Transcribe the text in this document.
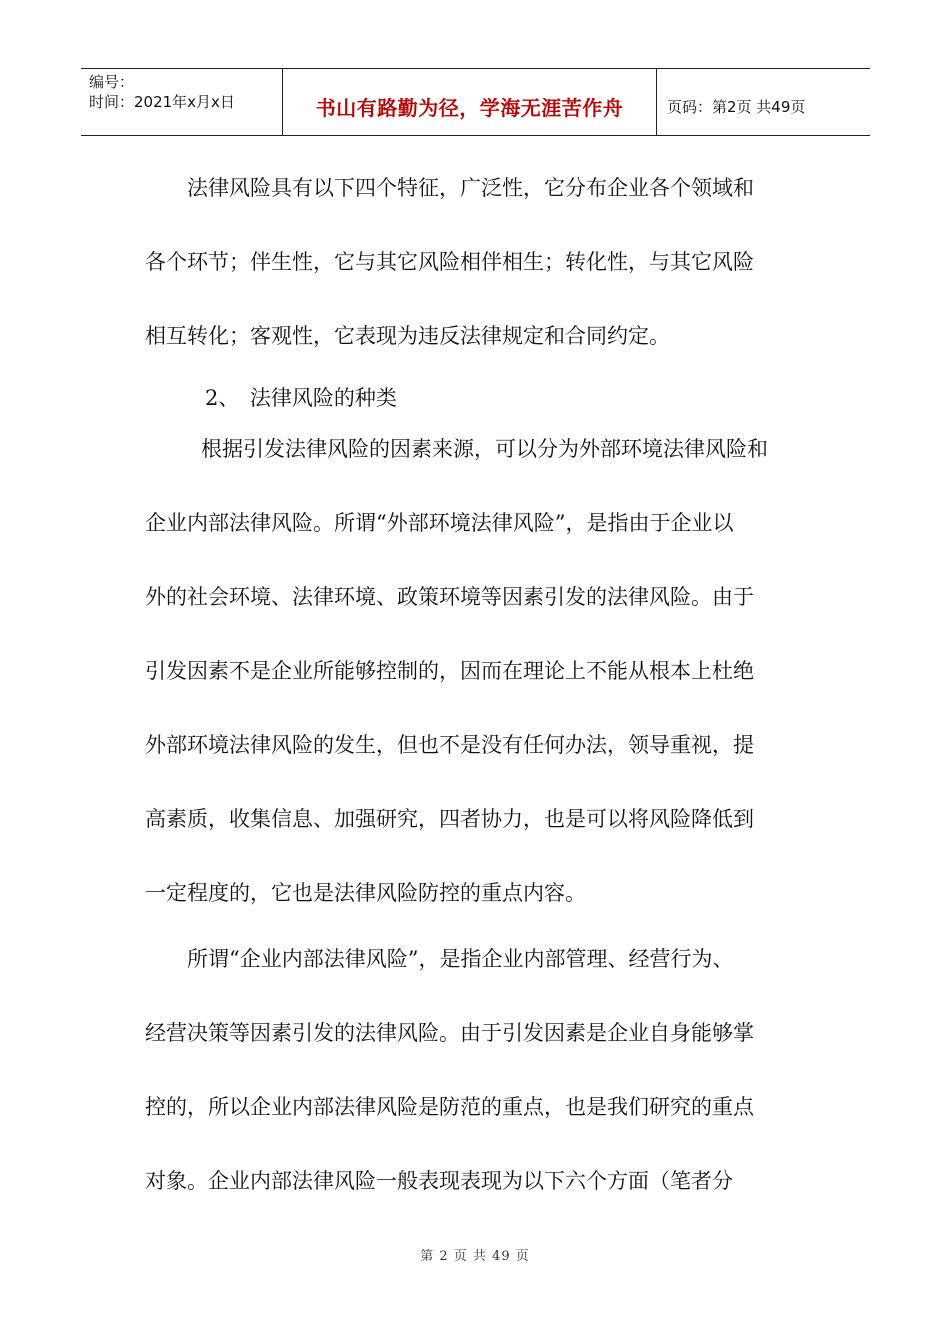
编号：
时间：2021年x月x日	书山有路勤为径，学海无涯苦作舟	页码：第2页 共49页

法律风险具有以下四个特征，广泛性，它分布企业各个领域和

各个环节；伴生性，它与其它风险相伴相生；转化性，与其它风险

相互转化；客观性，它表现为违反法律规定和合同约定。

2、　法律风险的种类

根据引发法律风险的因素来源，可以分为外部环境法律风险和

企业内部法律风险。所谓“外部环境法律风险”，是指由于企业以

外的社会环境、法律环境、政策环境等因素引发的法律风险。由于

引发因素不是企业所能够控制的，因而在理论上不能从根本上杜绝

外部环境法律风险的发生，但也不是没有任何办法，领导重视，提

高素质，收集信息、加强研究，四者协力，也是可以将风险降低到

一定程度的，它也是法律风险防控的重点内容。

所谓“企业内部法律风险”，是指企业内部管理、经营行为、

经营决策等因素引发的法律风险。由于引发因素是企业自身能够掌

控的，所以企业内部法律风险是防范的重点，也是我们研究的重点

对象。企业内部法律风险一般表现表现为以下六个方面（笔者分

第 2 页 共 49 页
